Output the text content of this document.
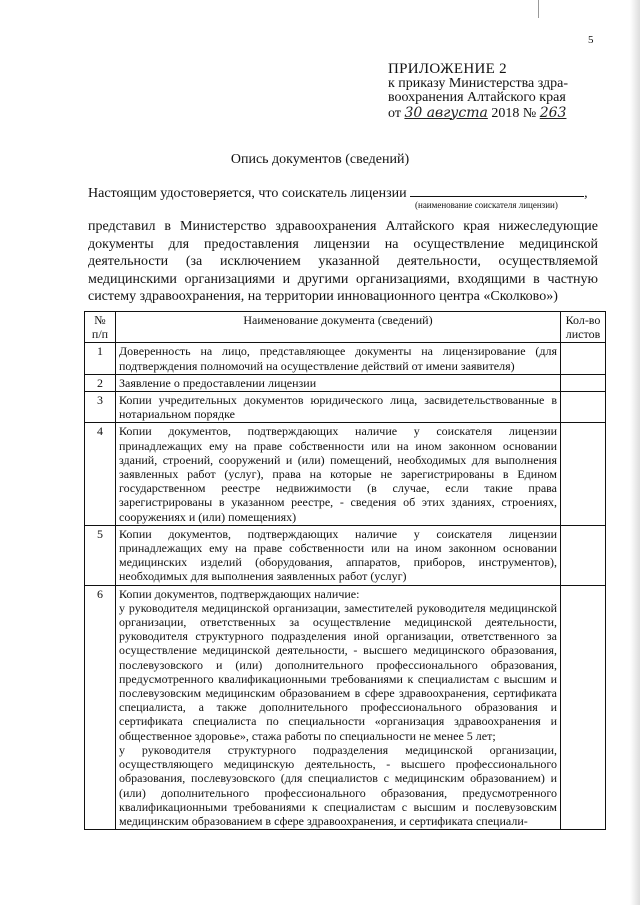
5
ПРИЛОЖЕНИЕ 2
к приказу Министерства здра-
воохранения Алтайского края
от 30 августа 2018 № 263
Опись документов (сведений)
Настоящим удостоверяется, что соискатель лицензии	,
(наименование соискателя лицензии)

представил в Министерство здравоохранения Алтайского края нижеследующие документы для предоставления лицензии на осуществление медицинской деятельности (за исключением указанной деятельности, осуществляемой медицинскими организациями и другими организациями, входящими в частную систему здравоохранения, на территории инновационного центра «Сколково»)

№ п/п	Наименование документа (сведений)	Кол-во листов
1	Доверенность на лицо, представляющее документы на лицензирование (для подтверждения полномочий на осуществление действий от имени заявителя)	
2	Заявление о предоставлении лицензии	
3	Копии учредительных документов юридического лица, засвидетельствованные в нотариальном порядке	
4	Копии документов, подтверждающих наличие у соискателя лицензии принадлежащих ему на праве собственности или на ином законном основании зданий, строений, сооружений и (или) помещений, необходимых для выполнения заявленных работ (услуг), права на которые не зарегистрированы в Едином государственном реестре недвижимости (в случае, если такие права зарегистрированы в указанном реестре, - сведения об этих зданиях, строениях, сооружениях и (или) помещениях)	
5	Копии документов, подтверждающих наличие у соискателя лицензии принадлежащих ему на праве собственности или на ином законном основании медицинских изделий (оборудования, аппаратов, приборов, инструментов), необходимых для выполнения заявленных работ (услуг)	
6	Копии документов, подтверждающих наличие:
у руководителя медицинской организации, заместителей руководителя медицинской организации, ответственных за осуществление медицинской деятельности, руководителя структурного подразделения иной организации, ответственного за осуществление медицинской деятельности, - высшего медицинского образования, послевузовского и (или) дополнительного профессионального образования, предусмотренного квалификационными требованиями к специалистам с высшим и послевузовским медицинским образованием в сфере здравоохранения, сертификата специалиста, а также дополнительного профессионального образования и сертификата специалиста по специальности «организация здравоохранения и общественное здоровье», стажа работы по специальности не менее 5 лет;
у руководителя структурного подразделения медицинской организации, осуществляющего медицинскую деятельность, - высшего профессионального образования, послевузовского (для специалистов с медицинским образованием) и (или) дополнительного профессионального образования, предусмотренного квалификационными требованиями к специалистам с высшим и послевузовским медицинским образованием в сфере здравоохранения, и сертификата специали-	
